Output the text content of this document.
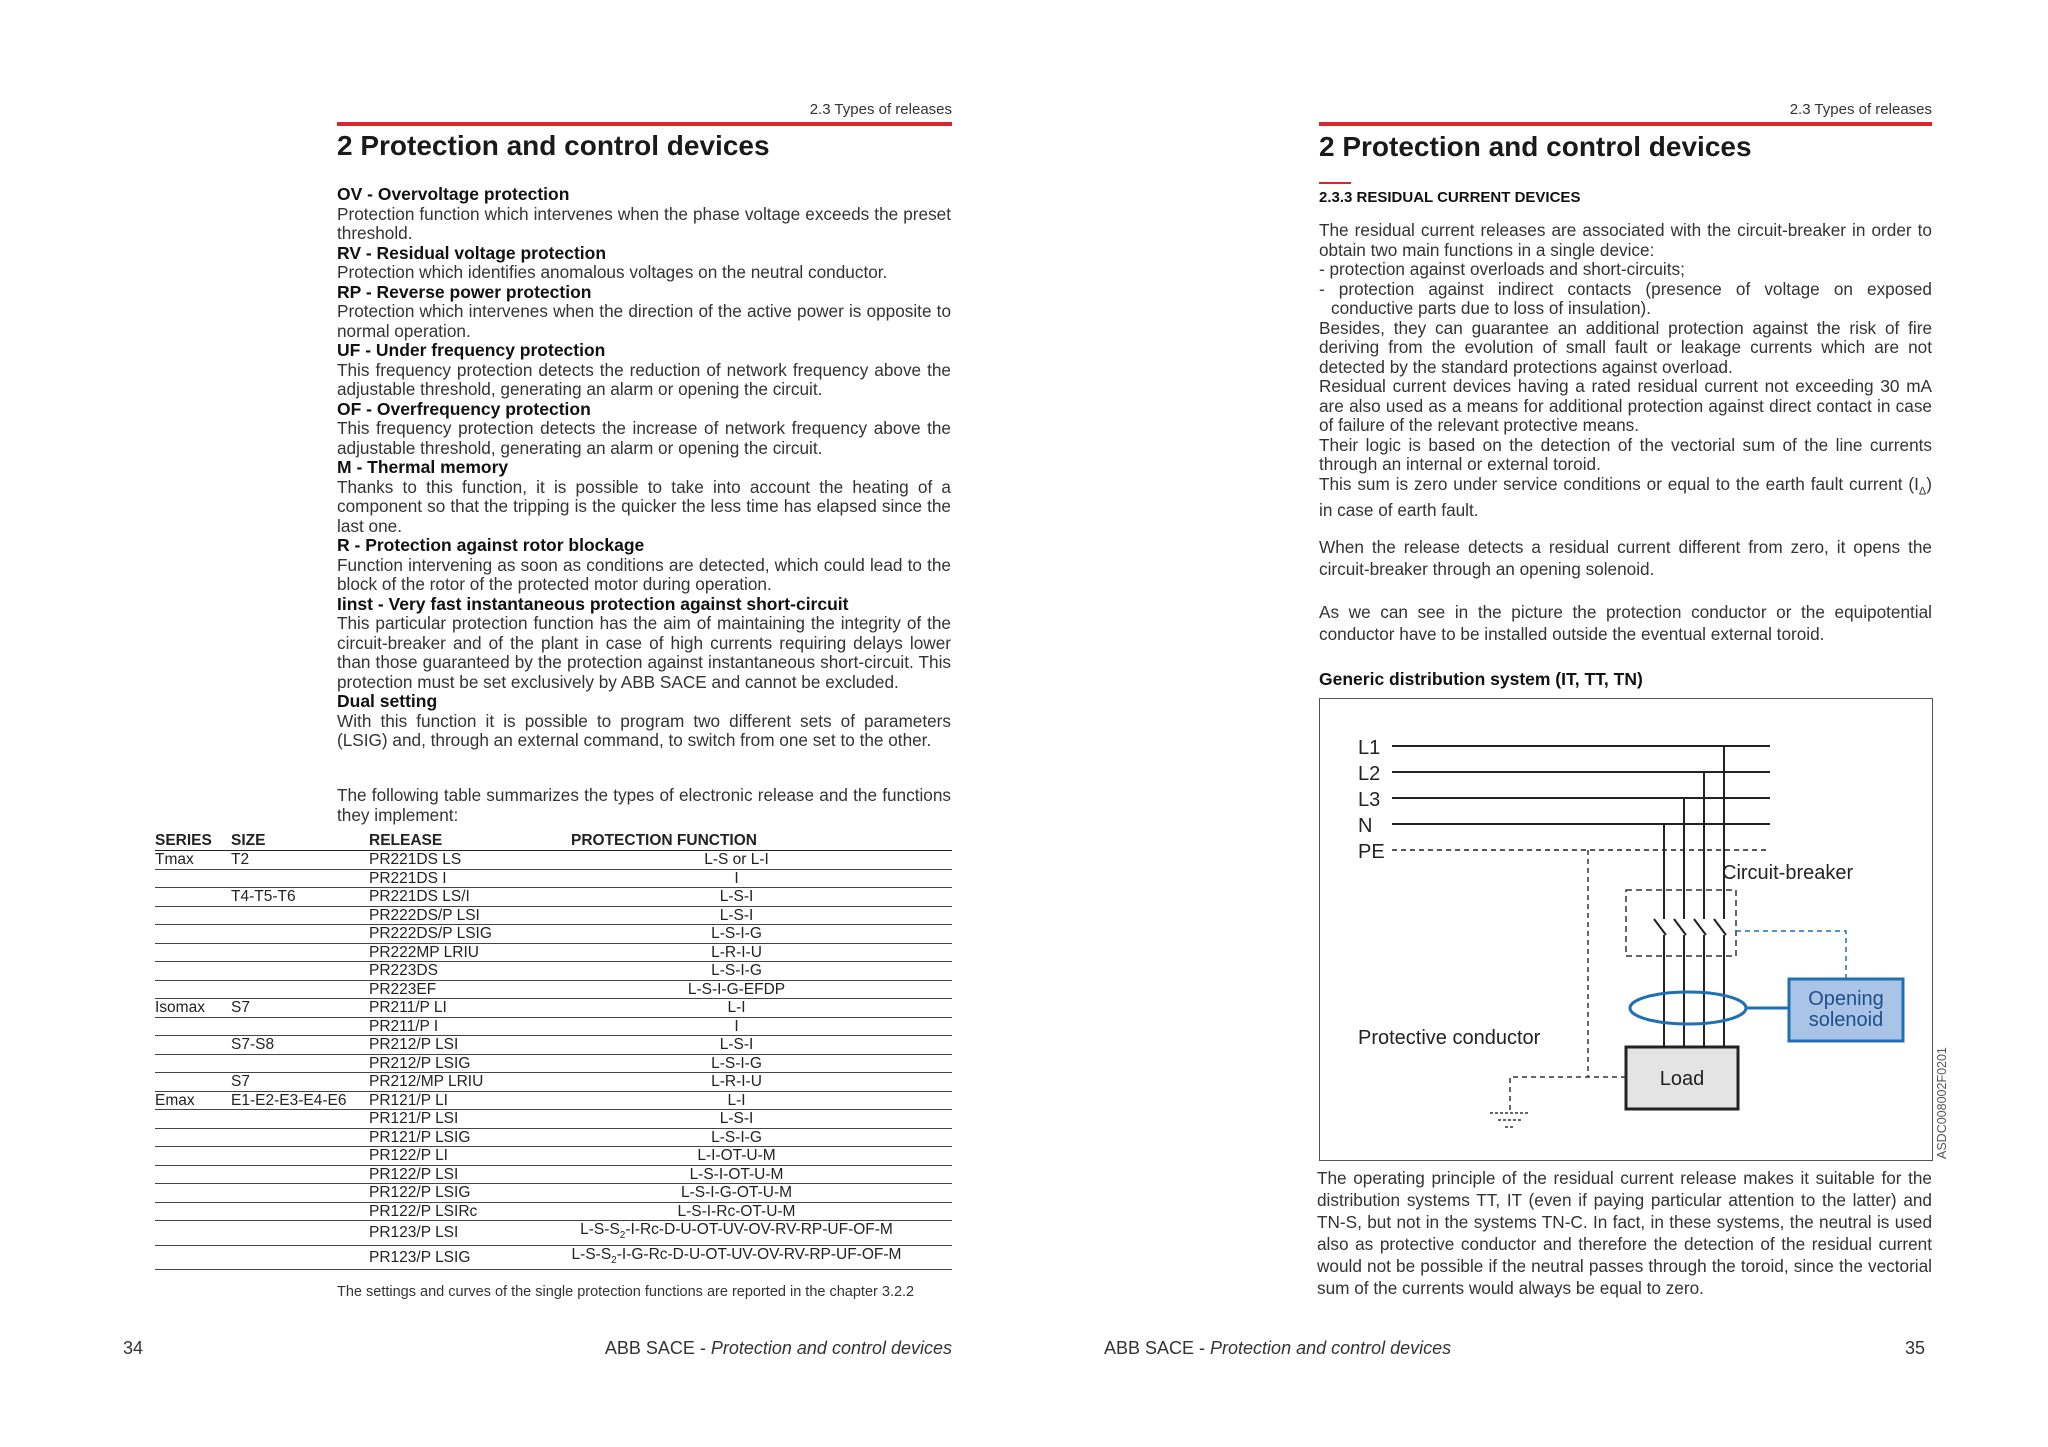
2.3 Types of releases
2 Protection and control devices
OV - Overvoltage protection
Protection function which intervenes when the phase voltage exceeds the preset threshold.
RV - Residual voltage protection
Protection which identifies anomalous voltages on the neutral conductor.
RP - Reverse power protection
Protection which intervenes when the direction of the active power is opposite to normal operation.
UF - Under frequency protection
This frequency protection detects the reduction of network frequency above the adjustable threshold, generating an alarm or opening the circuit.
OF - Overfrequency protection
This frequency protection detects the increase of network frequency above the adjustable threshold, generating an alarm or opening the circuit.
M - Thermal memory
Thanks to this function, it is possible to take into account the heating of a component so that the tripping is the quicker the less time has elapsed since the last one.
R - Protection against rotor blockage
Function intervening as soon as conditions are detected, which could lead to the block of the rotor of the protected motor during operation.
Iinst - Very fast instantaneous protection against short-circuit
This particular protection function has the aim of maintaining the integrity of the circuit-breaker and of the plant in case of high currents requiring delays lower than those guaranteed by the protection against instantaneous short-circuit. This protection must be set exclusively by ABB SACE and cannot be excluded.
Dual setting
With this function it is possible to program two different sets of parameters (LSIG) and, through an external command, to switch from one set to the other.
The following table summarizes the types of electronic release and the functions they implement:
SERIES	SIZE	RELEASE	PROTECTION FUNCTION
Tmax	T2	PR221DS LS	L-S or L-I
		PR221DS I	I
	T4-T5-T6	PR221DS LS/I	L-S-I
		PR222DS/P LSI	L-S-I
		PR222DS/P LSIG	L-S-I-G
		PR222MP LRIU	L-R-I-U
		PR223DS	L-S-I-G
		PR223EF	L-S-I-G-EFDP
Isomax	S7	PR211/P LI	L-I
		PR211/P I	I
	S7-S8	PR212/P LSI	L-S-I
		PR212/P LSIG	L-S-I-G
	S7	PR212/MP LRIU	L-R-I-U
Emax	E1-E2-E3-E4-E6	PR121/P LI	L-I
		PR121/P LSI	L-S-I
		PR121/P LSIG	L-S-I-G
		PR122/P LI	L-I-OT-U-M
		PR122/P LSI	L-S-I-OT-U-M
		PR122/P LSIG	L-S-I-G-OT-U-M
		PR122/P LSIRc	L-S-I-Rc-OT-U-M
		PR123/P LSI	$L-S-S_2-I-Rc-D-U-OT-UV-OV-RV-RP-UF-OF-M$
		PR123/P LSIG	$L-S-S_2-I-G-Rc-D-U-OT-UV-OV-RV-RP-UF-OF-M$
The settings and curves of the single protection functions are reported in the chapter 3.2.2
34	ABB SACE - Protection and control devices
2.3 Types of releases
2 Protection and control devices
2.3.3 RESIDUAL CURRENT DEVICES
The residual current releases are associated with the circuit-breaker in order to obtain two main functions in a single device:
- protection against overloads and short-circuits;
- protection against indirect contacts (presence of voltage on exposed conductive parts due to loss of insulation).
Besides, they can guarantee an additional protection against the risk of fire deriving from the evolution of small fault or leakage currents which are not detected by the standard protections against overload.
Residual current devices having a rated residual current not exceeding 30 mA are also used as a means for additional protection against direct contact in case of failure of the relevant protective means.
Their logic is based on the detection of the vectorial sum of the line currents through an internal or external toroid.
This sum is zero under service conditions or equal to the earth fault current $(I_\Delta)$ in case of earth fault.
When the release detects a residual current different from zero, it opens the circuit-breaker through an opening solenoid.
As we can see in the picture the protection conductor or the equipotential conductor have to be installed outside the eventual external toroid.
Generic distribution system (IT, TT, TN)
L1
L2
L3
N
PE
Opening
solenoid
Load
Circuit-breaker
Protective conductor
ASDC008002F0201
The operating principle of the residual current release makes it suitable for the distribution systems TT, IT (even if paying particular attention to the latter) and TN-S, but not in the systems TN-C. In fact, in these systems, the neutral is used also as protective conductor and therefore the detection of the residual current would not be possible if the neutral passes through the toroid, since the vectorial sum of the currents would always be equal to zero.
ABB SACE - Protection and control devices	35
